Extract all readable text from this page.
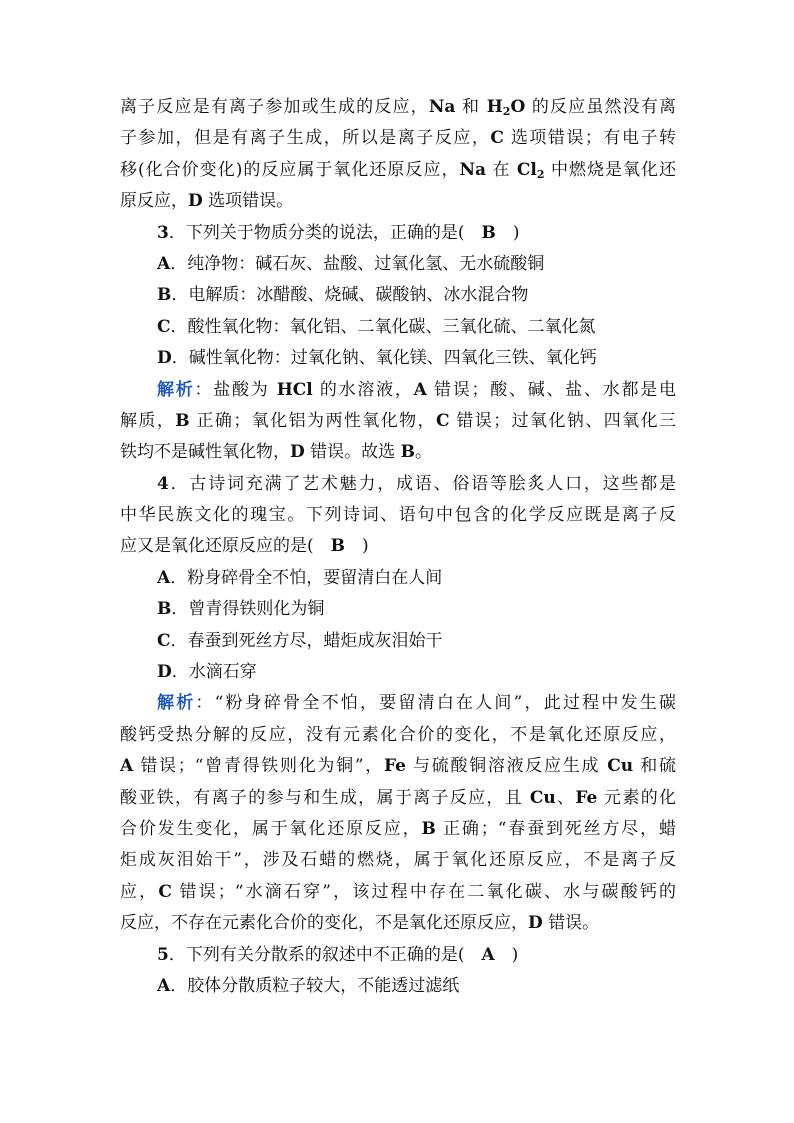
离子反应是有离子参加或生成的反应，Na 和 $H_2O$ 的反应虽然没有离
子参加，但是有离子生成，所以是离子反应，C 选项错误；有电子转
移(化合价变化)的反应属于氧化还原反应，Na 在 $Cl_2$ 中燃烧是氧化还
原反应，D 选项错误。
3．下列关于物质分类的说法，正确的是(　B　)
A．纯净物：碱石灰、盐酸、过氧化氢、无水硫酸铜
B．电解质：冰醋酸、烧碱、碳酸钠、冰水混合物
C．酸性氧化物：氧化铝、二氧化碳、三氧化硫、二氧化氮
D．碱性氧化物：过氧化钠、氧化镁、四氧化三铁、氧化钙
解析：盐酸为 HCl 的水溶液，A 错误；酸、碱、盐、水都是电
解质，B 正确；氧化铝为两性氧化物，C 错误；过氧化钠、四氧化三
铁均不是碱性氧化物，D 错误。故选 B。
4．古诗词充满了艺术魅力，成语、俗语等脍炙人口，这些都是
中华民族文化的瑰宝。下列诗词、语句中包含的化学反应既是离子反
应又是氧化还原反应的是(　B　)
A．粉身碎骨全不怕，要留清白在人间
B．曾青得铁则化为铜
C．春蚕到死丝方尽，蜡炬成灰泪始干
D．水滴石穿
解析：“粉身碎骨全不怕，要留清白在人间”，此过程中发生碳
酸钙受热分解的反应，没有元素化合价的变化，不是氧化还原反应，
A 错误；“曾青得铁则化为铜”，Fe 与硫酸铜溶液反应生成 Cu 和硫
酸亚铁，有离子的参与和生成，属于离子反应，且 Cu、Fe 元素的化
合价发生变化，属于氧化还原反应，B 正确；“春蚕到死丝方尽，蜡
炬成灰泪始干”，涉及石蜡的燃烧，属于氧化还原反应，不是离子反
应，C 错误；“水滴石穿”，该过程中存在二氧化碳、水与碳酸钙的
反应，不存在元素化合价的变化，不是氧化还原反应，D 错误。
5．下列有关分散系的叙述中不正确的是(　A　)
A．胶体分散质粒子较大，不能透过滤纸
